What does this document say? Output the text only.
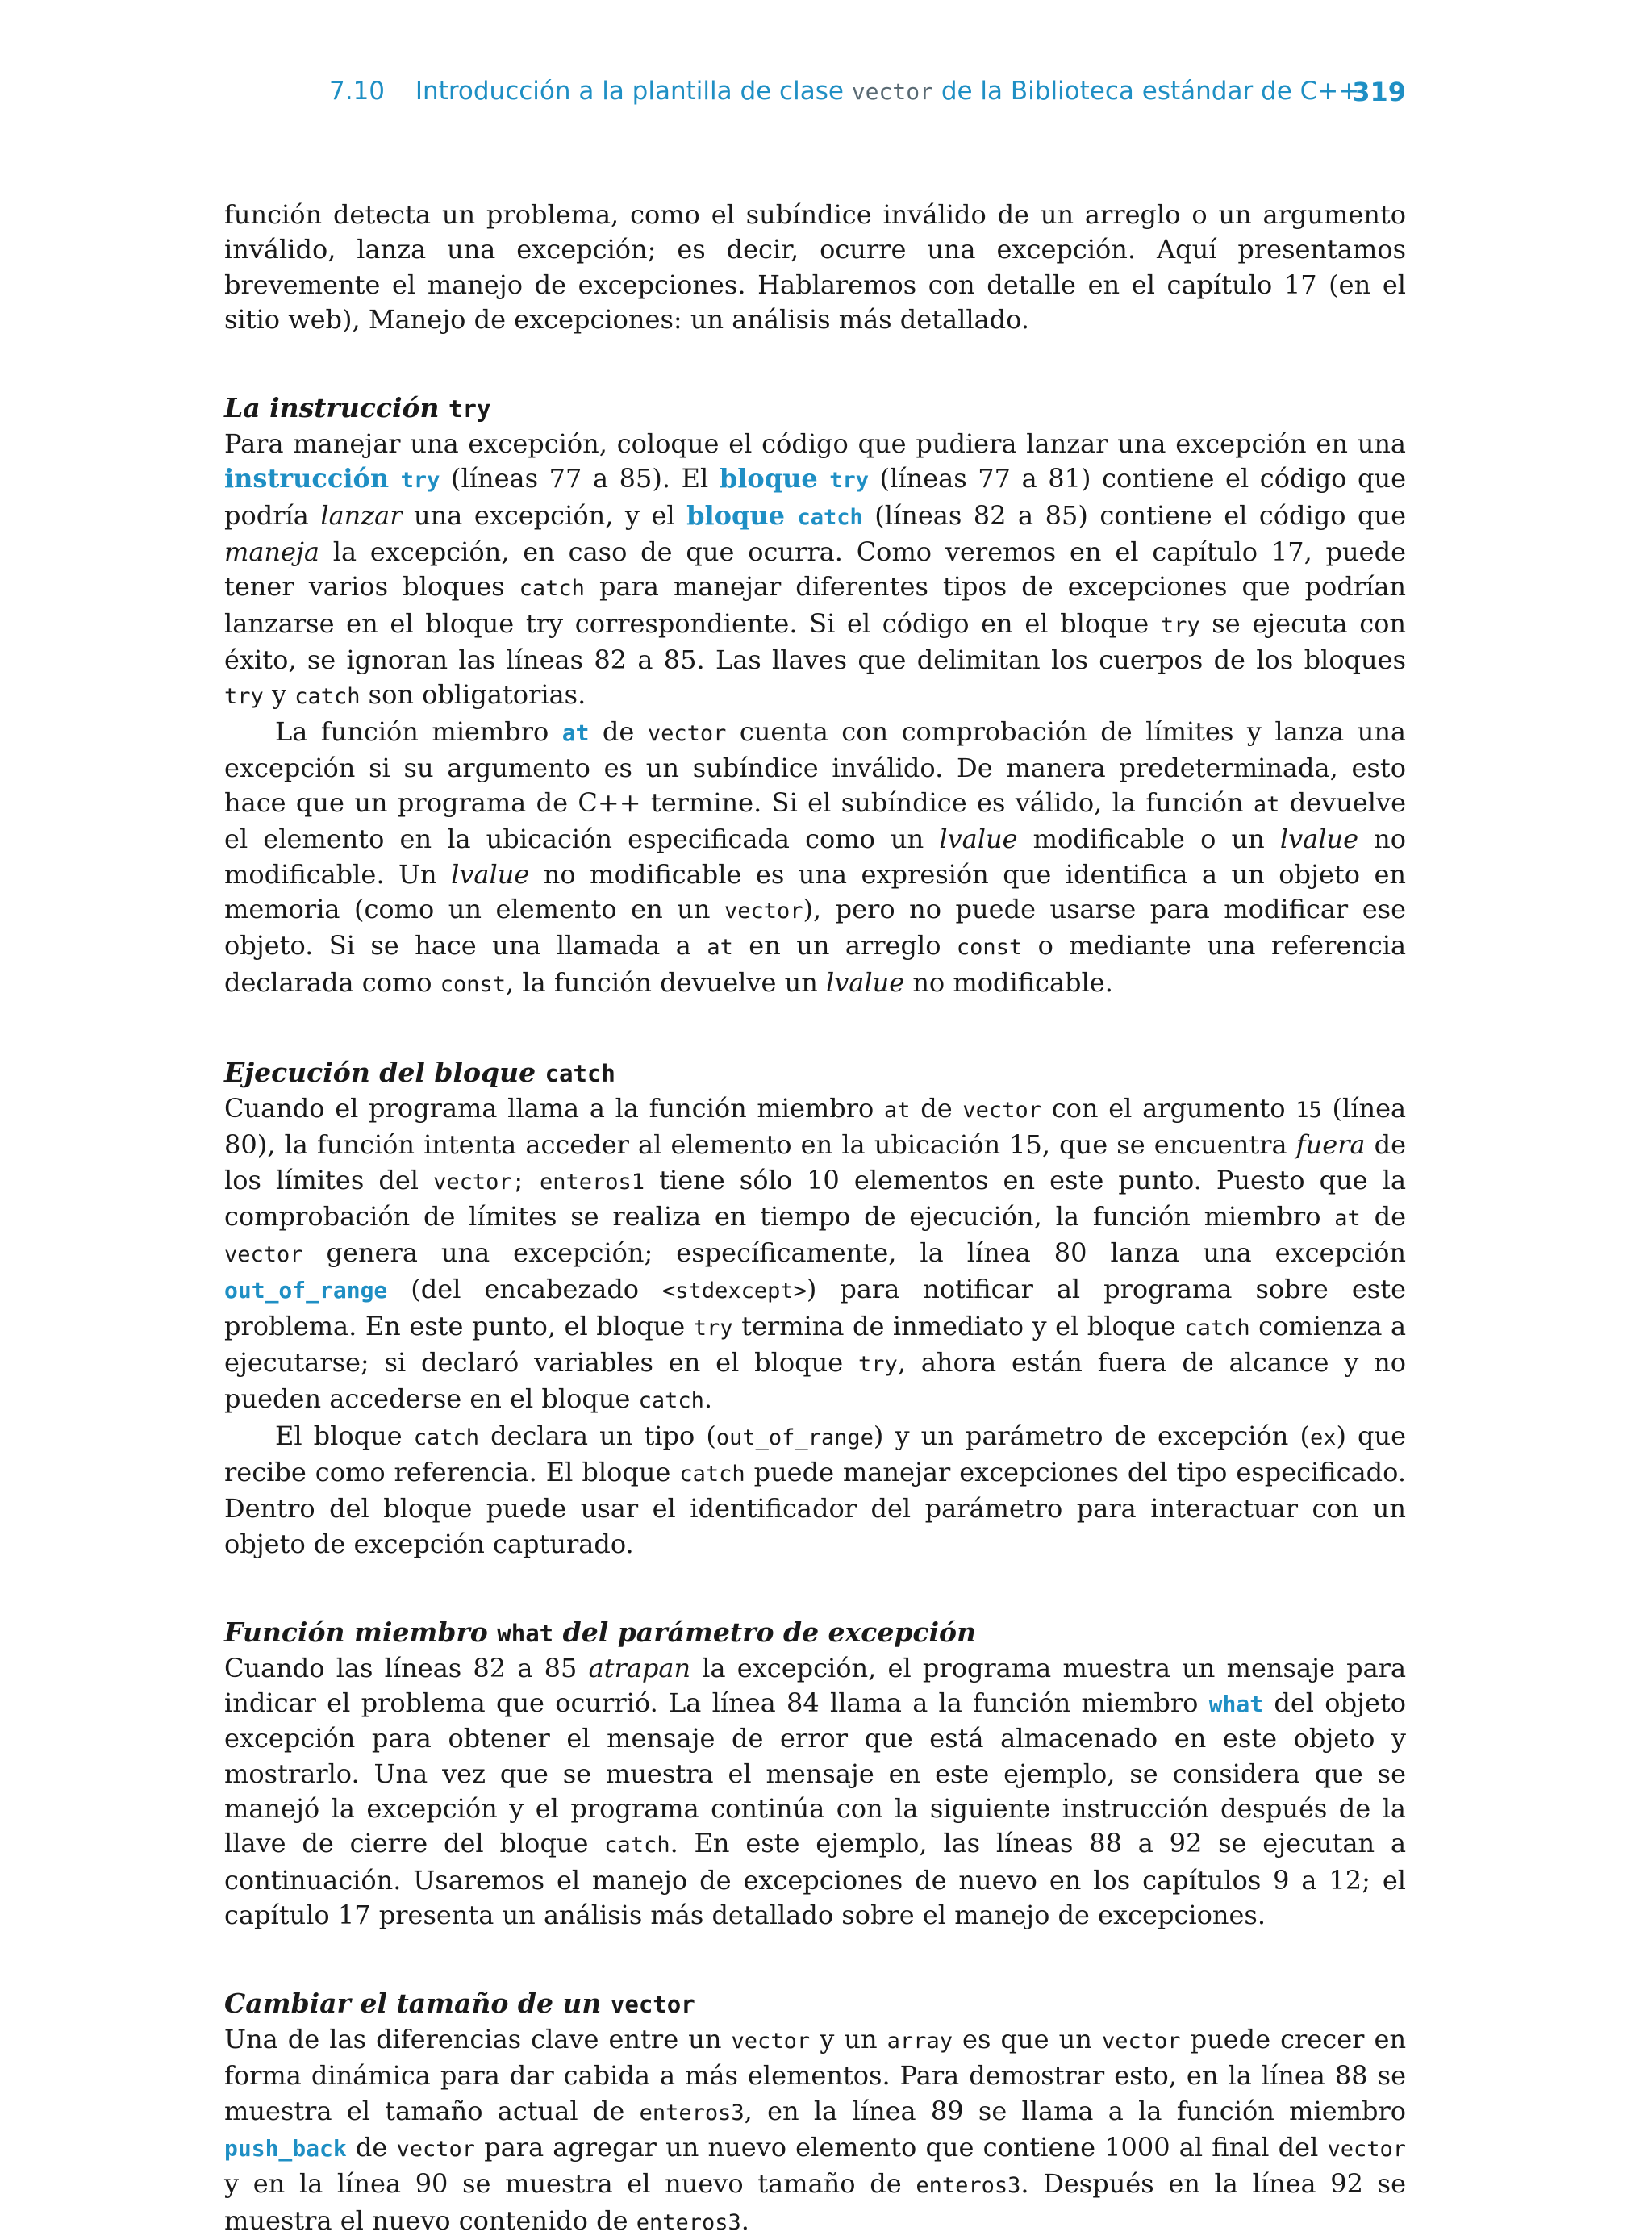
7.10 Introducción a la plantilla de clase vector de la Biblioteca estándar de C++
319

función detecta un problema, como el subíndice inválido de un arreglo o un argumento inválido, lanza una excepción; es decir, ocurre una excepción. Aquí presentamos brevemente el manejo de excepciones. Hablaremos con detalle en el capítulo 17 (en el sitio web), Manejo de excepciones: un análisis más detallado.

La instrucción try

Para manejar una excepción, coloque el código que pudiera lanzar una excepción en una instrucción try (líneas 77 a 85). El bloque try (líneas 77 a 81) contiene el código que podría lanzar una excepción, y el bloque catch (líneas 82 a 85) contiene el código que maneja la excepción, en caso de que ocurra. Como veremos en el capítulo 17, puede tener varios bloques catch para manejar diferentes tipos de excepciones que podrían lanzarse en el bloque try correspondiente. Si el código en el bloque try se ejecuta con éxito, se ignoran las líneas 82 a 85. Las llaves que delimitan los cuerpos de los bloques try y catch son obligatorias.

La función miembro at de vector cuenta con comprobación de límites y lanza una excepción si su argumento es un subíndice inválido. De manera predeterminada, esto hace que un programa de C++ termine. Si el subíndice es válido, la función at devuelve el elemento en la ubicación especificada como un lvalue modificable o un lvalue no modificable. Un lvalue no modificable es una expresión que identifica a un objeto en memoria (como un elemento en un vector), pero no puede usarse para modificar ese objeto. Si se hace una llamada a at en un arreglo const o mediante una referencia declarada como const, la función devuelve un lvalue no modificable.

Ejecución del bloque catch

Cuando el programa llama a la función miembro at de vector con el argumento 15 (línea 80), la función intenta acceder al elemento en la ubicación 15, que se encuentra fuera de los límites del vector; enteros1 tiene sólo 10 elementos en este punto. Puesto que la comprobación de límites se realiza en tiempo de ejecución, la función miembro at de vector genera una excepción; específicamente, la línea 80 lanza una excepción out_of_range (del encabezado <stdexcept>) para notificar al programa sobre este problema. En este punto, el bloque try termina de inmediato y el bloque catch comienza a ejecutarse; si declaró variables en el bloque try, ahora están fuera de alcance y no pueden accederse en el bloque catch.

El bloque catch declara un tipo (out_of_range) y un parámetro de excepción (ex) que recibe como referencia. El bloque catch puede manejar excepciones del tipo especificado. Dentro del bloque puede usar el identificador del parámetro para interactuar con un objeto de excepción capturado.

Función miembro what del parámetro de excepción

Cuando las líneas 82 a 85 atrapan la excepción, el programa muestra un mensaje para indicar el problema que ocurrió. La línea 84 llama a la función miembro what del objeto excepción para obtener el mensaje de error que está almacenado en este objeto y mostrarlo. Una vez que se muestra el mensaje en este ejemplo, se considera que se manejó la excepción y el programa continúa con la siguiente instrucción después de la llave de cierre del bloque catch. En este ejemplo, las líneas 88 a 92 se ejecutan a continuación. Usaremos el manejo de excepciones de nuevo en los capítulos 9 a 12; el capítulo 17 presenta un análisis más detallado sobre el manejo de excepciones.

Cambiar el tamaño de un vector

Una de las diferencias clave entre un vector y un array es que un vector puede crecer en forma dinámica para dar cabida a más elementos. Para demostrar esto, en la línea 88 se muestra el tamaño actual de enteros3, en la línea 89 se llama a la función miembro push_back de vector para agregar un nuevo elemento que contiene 1000 al final del vector y en la línea 90 se muestra el nuevo tamaño de enteros3. Después en la línea 92 se muestra el nuevo contenido de enteros3.
